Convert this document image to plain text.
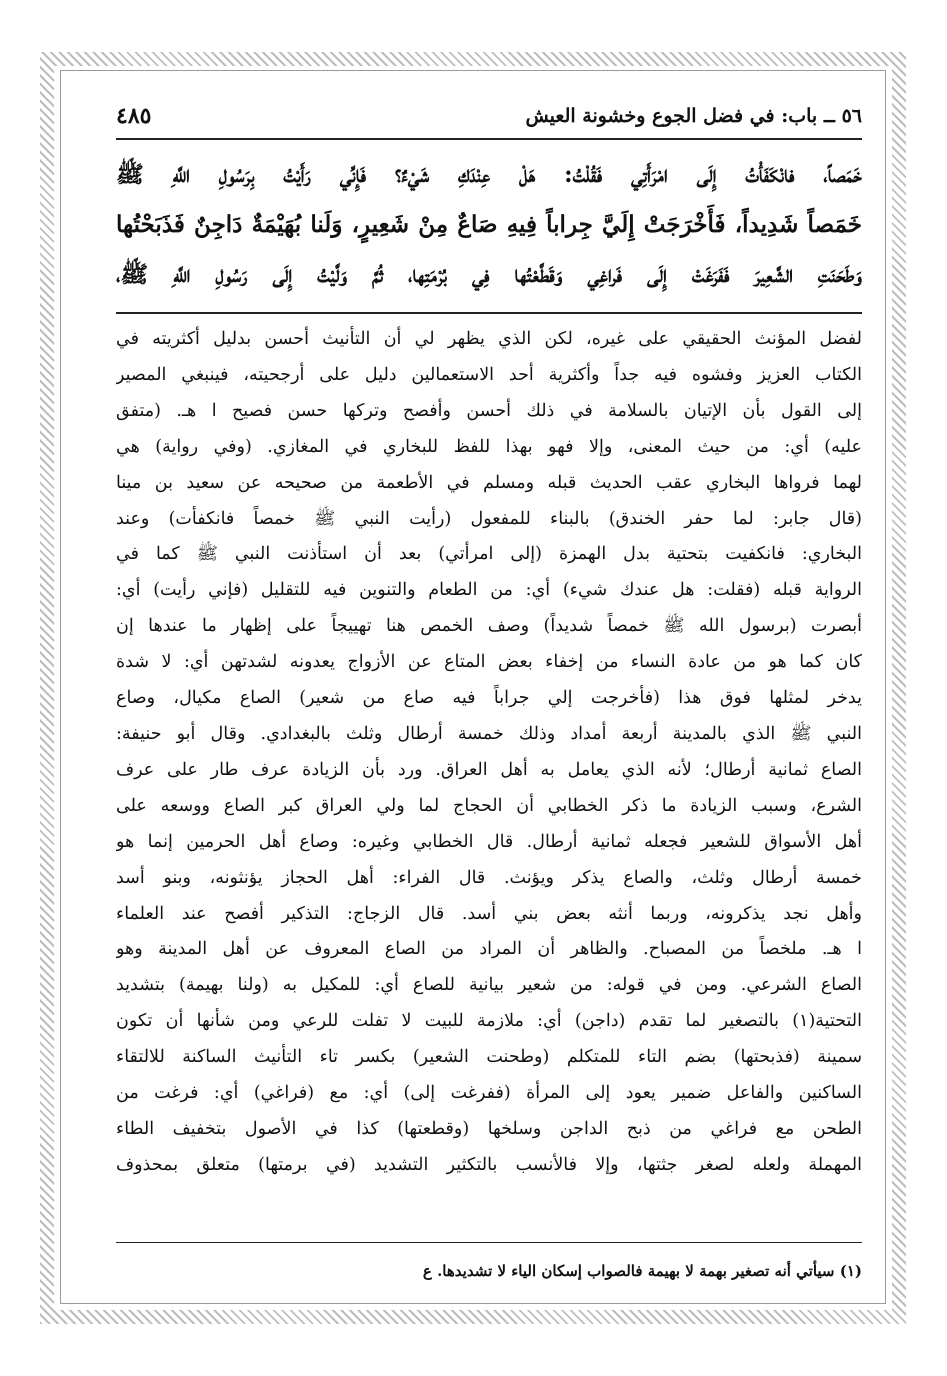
٤٨٥	٥٦ ــ باب: في فضل الجوع وخشونة العيش
خَمَصاً، فانْكَفَأْتُ إِلَى امْرَأَتِي فَقُلْتُ: هَلْ عِنْدَكِ شَيْءٌ؟ فَإِنِّي رَأَيْتُ بِرَسُولِ اللَّهِ ﷺ
خَمَصاً شَدِيداً، فَأَخْرَجَتْ إِلَيَّ جِراباً فِيهِ صَاعٌ مِنْ شَعِيرٍ، وَلَنا بُهَيْمَةٌ دَاجِنٌ فَذَبَحْتُها
وَطَحَنَتِ الشَّعِيرَ فَفَرَغَتْ إِلَى فَراغِي وَقَطَّعْتُها فِي بُرْمَتِها، ثُمَّ وَلَّيْتُ إِلَى رَسُولِ اللَّهِ ﷺ،
لفضل المؤنث الحقيقي على غيره، لكن الذي يظهر لي أن التأنيث أحسن بدليل أكثريته في
الكتاب العزيز وفشوه فيه جداً وأكثرية أحد الاستعمالين دليل على أرجحيته، فينبغي المصير
إلى القول بأن الإتيان بالسلامة في ذلك أحسن وأفصح وتركها حسن فصيح ا هـ. (متفق
عليه) أي: من حيث المعنى، وإلا فهو بهذا للفظ للبخاري في المغازي. (وفي رواية) هي
لهما فرواها البخاري عقب الحديث قبله ومسلم في الأطعمة من صحيحه عن سعيد بن مينا
(قال جابر: لما حفر الخندق) بالبناء للمفعول (رأيت النبي ﷺ خمصاً فانكفأت) وعند
البخاري: فانكفيت بتحتية بدل الهمزة (إلى امرأتي) بعد أن استأذنت النبي ﷺ كما في
الرواية قبله (فقلت: هل عندك شيء) أي: من الطعام والتنوين فيه للتقليل (فإني رأيت) أي:
أبصرت (برسول الله ﷺ خمصاً شديداً) وصف الخمص هنا تهييجاً على إظهار ما عندها إن
كان كما هو من عادة النساء من إخفاء بعض المتاع عن الأزواج يعدونه لشدتهن أي: لا شدة
يدخر لمثلها فوق هذا (فأخرجت إلي جراباً فيه صاع من شعير) الصاع مكيال، وصاع
النبي ﷺ الذي بالمدينة أربعة أمداد وذلك خمسة أرطال وثلث بالبغدادي. وقال أبو حنيفة:
الصاع ثمانية أرطال؛ لأنه الذي يعامل به أهل العراق. ورد بأن الزيادة عرف طار على عرف
الشرع، وسبب الزيادة ما ذكر الخطابي أن الحجاج لما ولي العراق كبر الصاع ووسعه على
أهل الأسواق للشعير فجعله ثمانية أرطال. قال الخطابي وغيره: وصاع أهل الحرمين إنما هو
خمسة أرطال وثلث، والصاع يذكر ويؤنث. قال الفراء: أهل الحجاز يؤنثونه، وبنو أسد
وأهل نجد يذكرونه، وربما أنثه بعض بني أسد. قال الزجاج: التذكير أفصح عند العلماء
ا هـ. ملخصاً من المصباح. والظاهر أن المراد من الصاع المعروف عن أهل المدينة وهو
الصاع الشرعي. ومن في قوله: من شعير بيانية للصاع أي: للمكيل به (ولنا بهيمة) بتشديد
التحتية(١) بالتصغير لما تقدم (داجن) أي: ملازمة للبيت لا تفلت للرعي ومن شأنها أن تكون
سمينة (فذبحتها) بضم التاء للمتكلم (وطحنت الشعير) بكسر تاء التأنيث الساكنة للالتقاء
الساكنين والفاعل ضمير يعود إلى المرأة (ففرغت إلى) أي: مع (فراغي) أي: فرغت من
الطحن مع فراغي من ذبح الداجن وسلخها (وقطعتها) كذا في الأصول بتخفيف الطاء
المهملة ولعله لصغر جثتها، وإلا فالأنسب بالتكثير التشديد (في برمتها) متعلق بمحذوف
(١) سيأتي أنه تصغير بهمة لا بهيمة فالصواب إسكان الياء لا تشديدها. ع
